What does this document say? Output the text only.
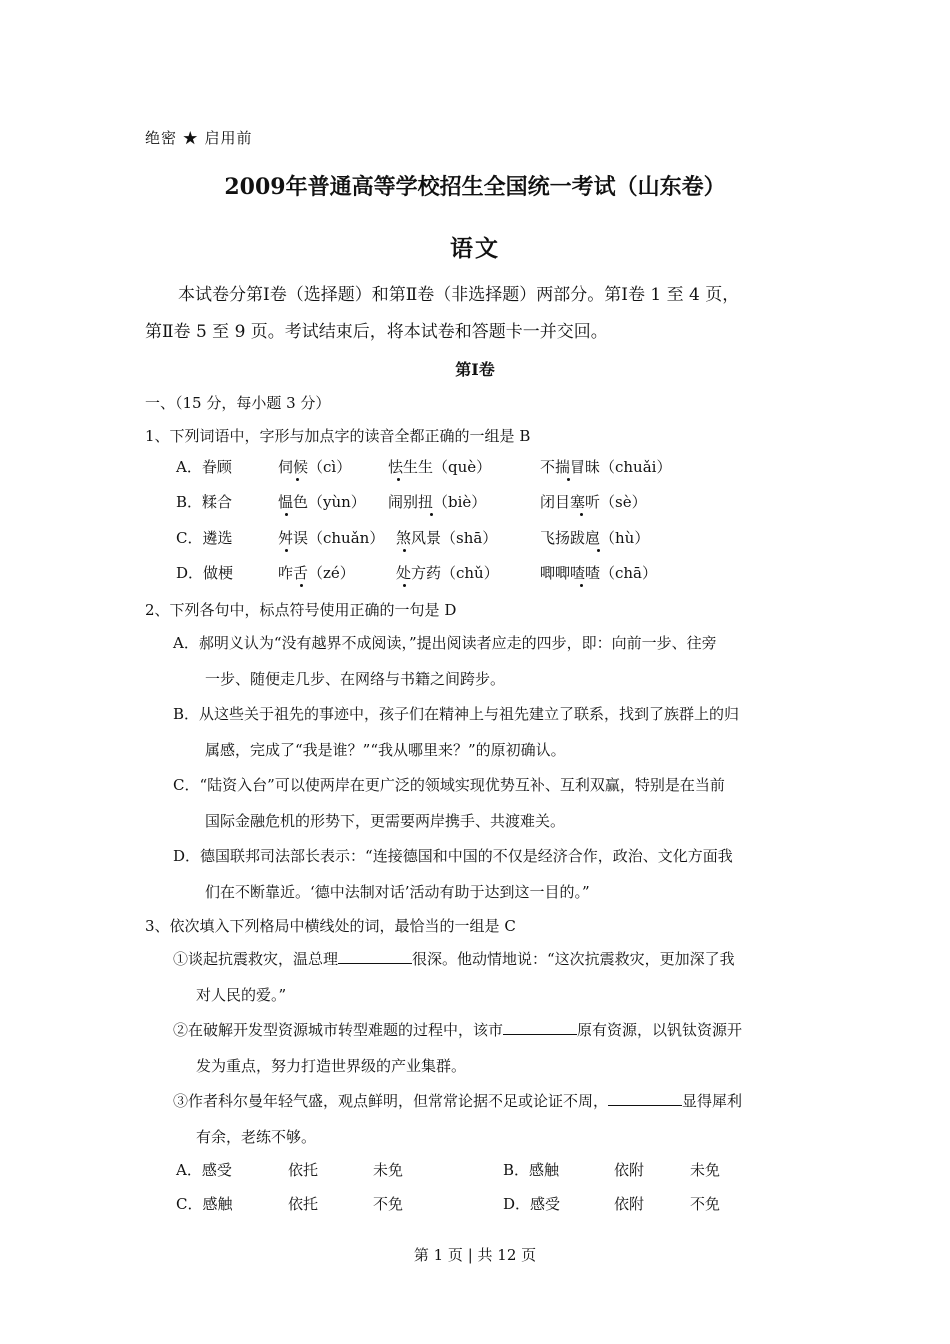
绝密 ★ 启用前
2009年普通高等学校招生全国统一考试（山东卷）
语文
本试卷分第Ⅰ卷（选择题）和第Ⅱ卷（非选择题）两部分。第Ⅰ卷 1 至 4 页，
第Ⅱ卷 5 至 9 页。考试结束后，将本试卷和答题卡一并交回。
第Ⅰ卷
一、（15 分，每小题 3 分）
1、下列词语中，字形与加点字的读音全都正确的一组是 B
A．眷顾	伺候（cì） 怯生生（què）	不揣冒昧（chuǎi）
B．糅合	愠色（yùn） 闹别扭（biè）	闭目塞听（sè）
C．遴选	舛误（chuǎn） 煞风景（shā）	飞扬跋扈（hù）
D．做梗	咋舌（zé）	处方药（chǔ）	唧唧喳喳（chā）
2、下列各句中，标点符号使用正确的一句是 D
A．郝明义认为“没有越界不成阅读，”提出阅读者应走的四步，即：向前一步、往旁
一步、随便走几步、在网络与书籍之间跨步。
B．从这些关于祖先的事迹中，孩子们在精神上与祖先建立了联系，找到了族群上的归
属感，完成了“我是谁？”“我从哪里来？”的原初确认。
C．“陆资入台”可以使两岸在更广泛的领域实现优势互补、互利双赢，特别是在当前
国际金融危机的形势下，更需要两岸携手、共渡难关。
D．德国联邦司法部长表示：“连接德国和中国的不仅是经济合作，政治、文化方面我
们在不断靠近。‘德中法制对话’活动有助于达到这一目的。”
3、依次填入下列格局中横线处的词，最恰当的一组是 C
①谈起抗震救灾，温总理	很深。他动情地说：“这次抗震救灾，更加深了我
对人民的爱。”
②在破解开发型资源城市转型难题的过程中，该市	原有资源，以钒钛资源开
发为重点，努力打造世界级的产业集群。
③作者科尔曼年轻气盛，观点鲜明，但常常论据不足或论证不周，	显得犀利
有余，老练不够。
A．感受	依托	未免	B．感触	依附	未免
C．感触	依托	不免	D．感受	依附	不免
第 1 页 | 共 12 页
